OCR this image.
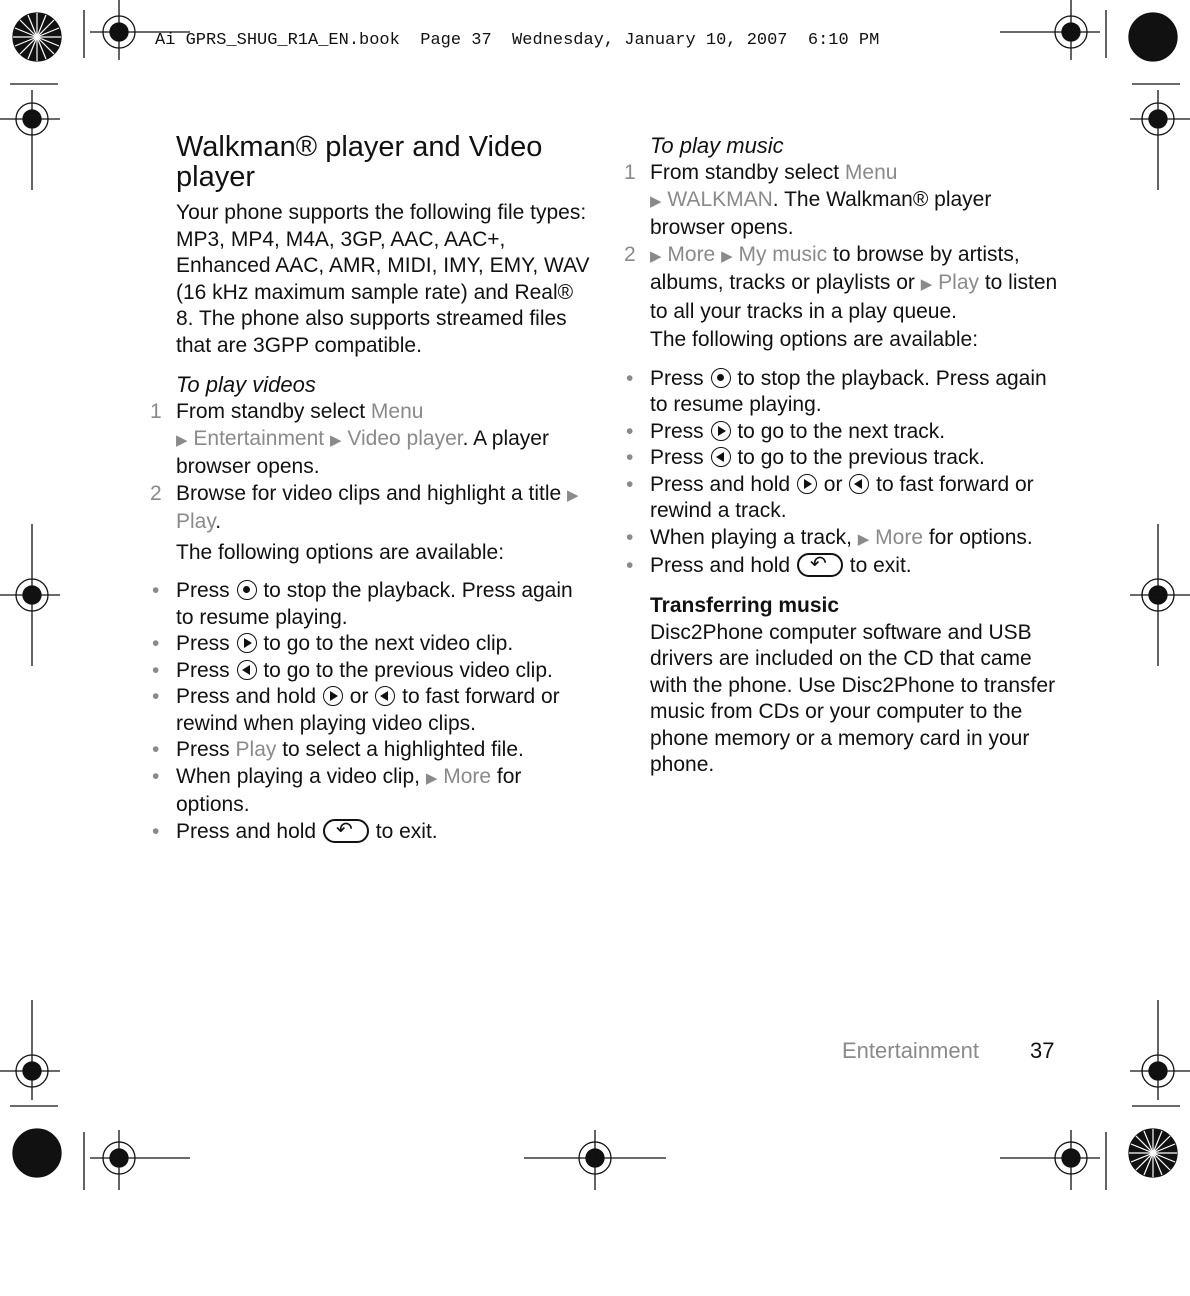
Ai GPRS_SHUG_R1A_EN.book  Page 37  Wednesday, January 10, 2007  6:10 PM
Walkman® player and Video player

Your phone supports the following file types: MP3, MP4, M4A, 3GP, AAC, AAC+, Enhanced AAC, AMR, MIDI, IMY, EMY, WAV (16 kHz maximum sample rate) and Real® 8. The phone also supports streamed files that are 3GPP compatible.

To play videos

1 From standby select Menu
▶ Entertainment ▶ Video player. A player browser opens.
2 Browse for video clips and highlight a title ▶ Play.

The following options are available:

• Press  to stop the playback. Press again to resume playing.
• Press  to go to the next video clip.
• Press  to go to the previous video clip.
• Press and hold  or  to fast forward or rewind when playing video clips.
• Press Play to select a highlighted file.
• When playing a video clip, ▶ More for options.
• Press and hold ↶ to exit.

To play music

1 From standby select Menu
▶ WALKMAN. The Walkman® player browser opens.
2 ▶ More ▶ My music to browse by artists, albums, tracks or playlists or ▶ Play to listen to all your tracks in a play queue.

The following options are available:

• Press  to stop the playback. Press again to resume playing.
• Press  to go to the next track.
• Press  to go to the previous track.
• Press and hold  or  to fast forward or rewind a track.
• When playing a track, ▶ More for options.
• Press and hold ↶ to exit.

Transferring music

Disc2Phone computer software and USB drivers are included on the CD that came with the phone. Use Disc2Phone to transfer music from CDs or your computer to the phone memory or a memory card in your phone.

Entertainment 37
